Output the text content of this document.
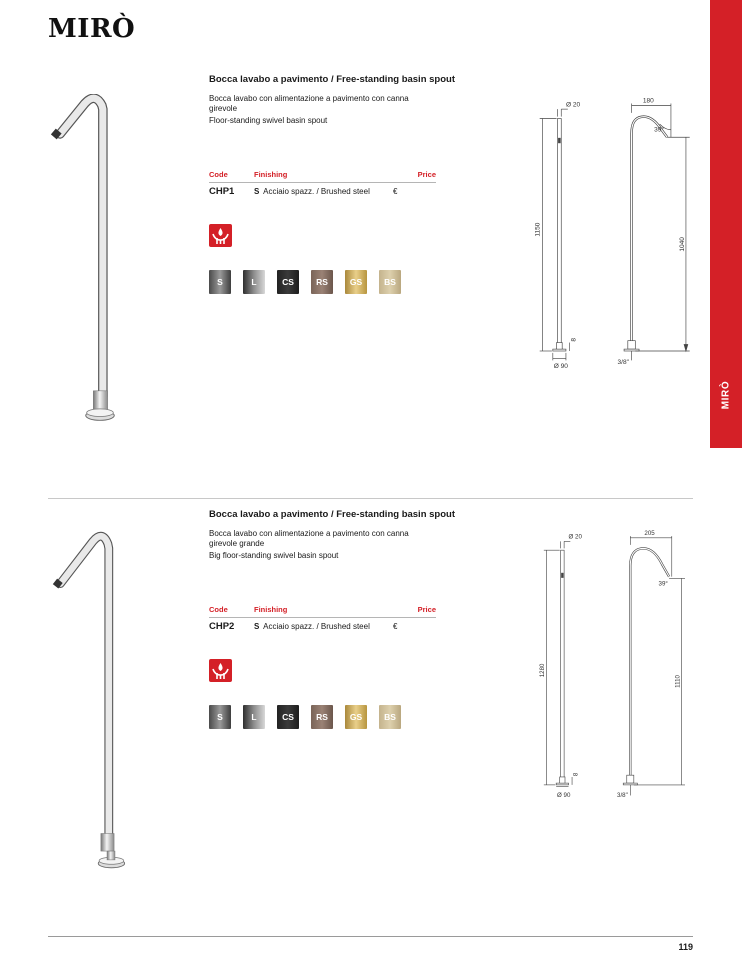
MIRÒ
MIRÒ
Bocca lavabo a pavimento / Free-standing basin spout
Bocca lavabo con alimentazione a pavimento con canna girevole
Floor-standing swivel basin spout
Code	Finishing	Price
CHP1 S Acciaio spazz. / Brushed steel	€
S	L	CS	RS	GS	BS
Ø 20
1150
8
Ø 90
180
39°
1040
3/8"
Bocca lavabo a pavimento / Free-standing basin spout
Bocca lavabo con alimentazione a pavimento con canna girevole grande
Big floor-standing swivel basin spout
Code	Finishing	Price
CHP2 S Acciaio spazz. / Brushed steel	€
S	L	CS	RS	GS	BS
Ø 20
1280
8
Ø 90
205
39°
1110
3/8"
119
